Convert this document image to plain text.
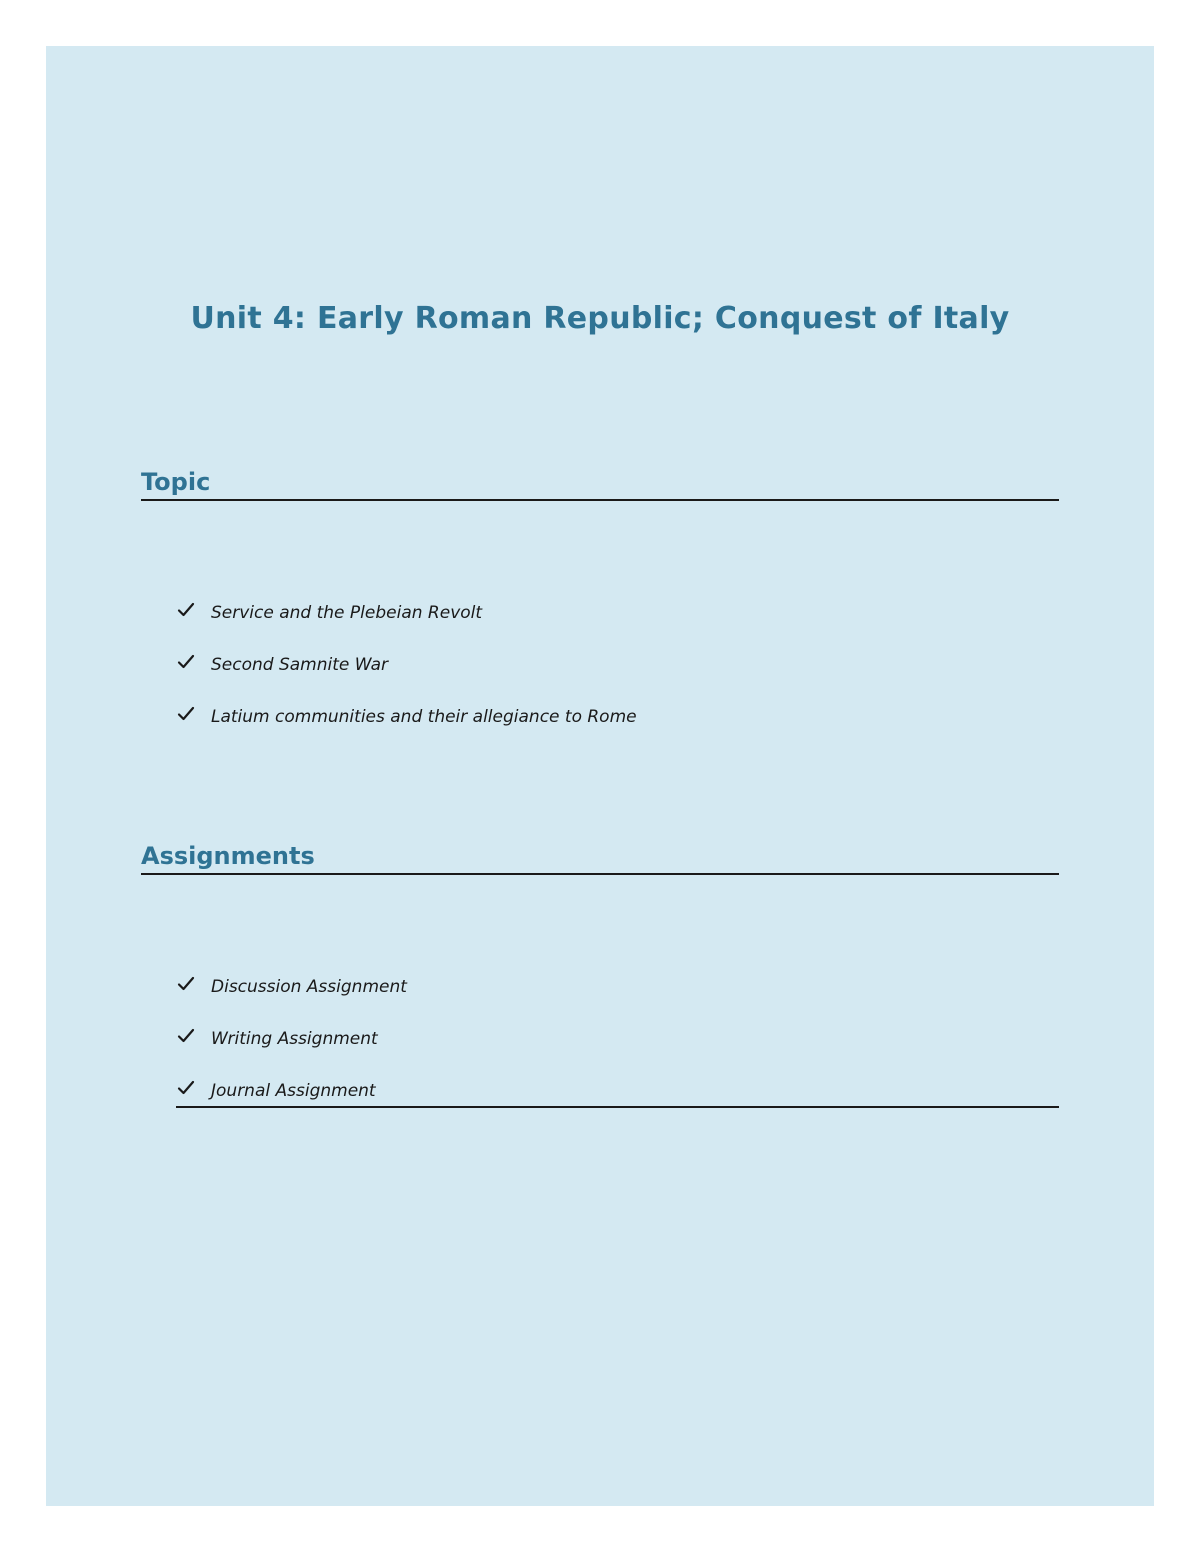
Unit 4: Early Roman Republic; Conquest of Italy
Topic
Service and the Plebeian Revolt
Second Samnite War
Latium communities and their allegiance to Rome
Assignments
Discussion Assignment
Writing Assignment
Journal Assignment
